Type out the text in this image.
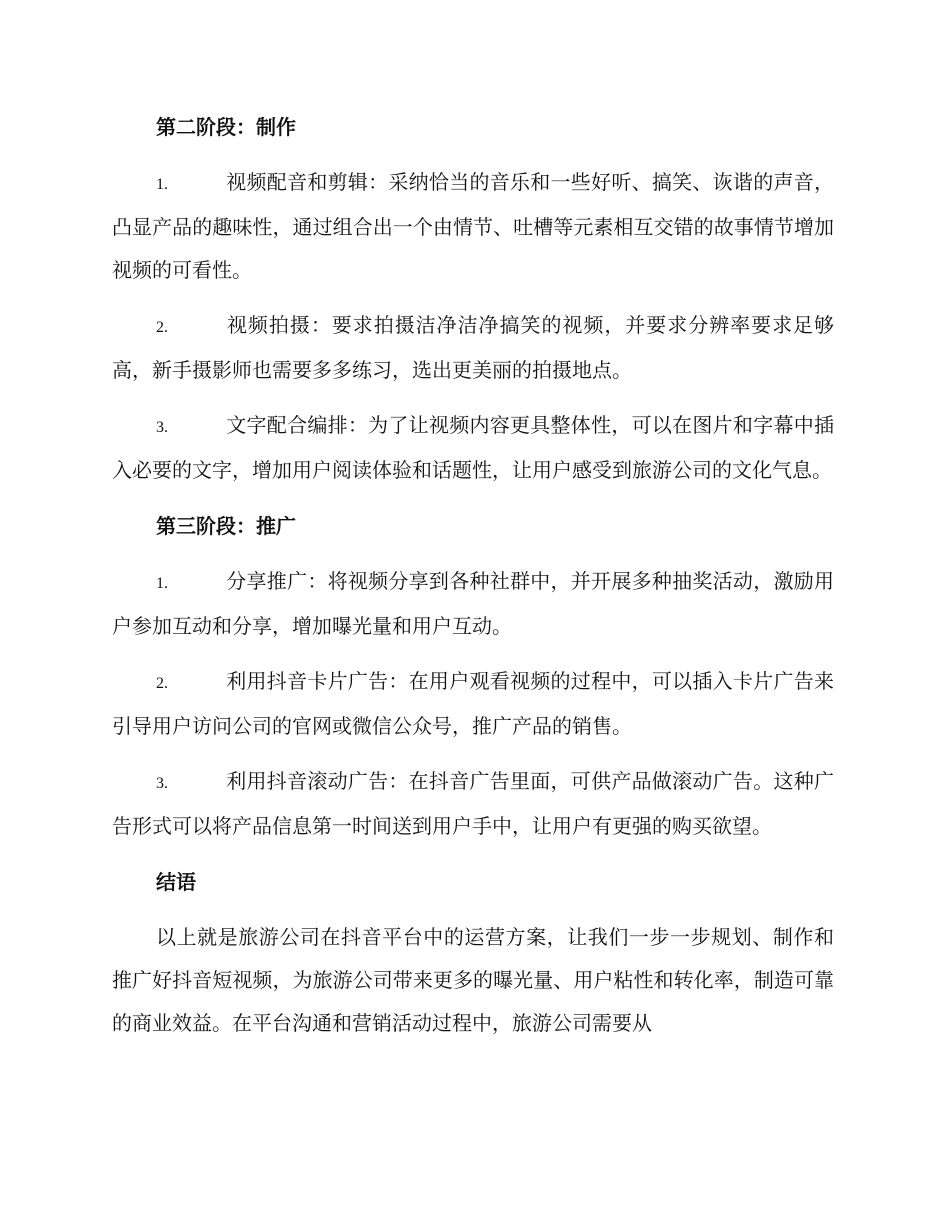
第二阶段：制作
1.	视频配音和剪辑：采纳恰当的音乐和一些好听、搞笑、诙谐的声音，凸显产品的趣味性，通过组合出一个由情节、吐槽等元素相互交错的故事情节增加视频的可看性。
2.	视频拍摄：要求拍摄洁净洁净搞笑的视频，并要求分辨率要求足够高，新手摄影师也需要多多练习，选出更美丽的拍摄地点。
3.	文字配合编排：为了让视频内容更具整体性，可以在图片和字幕中插入必要的文字，增加用户阅读体验和话题性，让用户感受到旅游公司的文化气息。
第三阶段：推广
1.	分享推广：将视频分享到各种社群中，并开展多种抽奖活动，激励用户参加互动和分享，增加曝光量和用户互动。
2.	利用抖音卡片广告：在用户观看视频的过程中，可以插入卡片广告来引导用户访问公司的官网或微信公众号，推广产品的销售。
3.	利用抖音滚动广告：在抖音广告里面，可供产品做滚动广告。这种广告形式可以将产品信息第一时间送到用户手中，让用户有更强的购买欲望。
结语

以上就是旅游公司在抖音平台中的运营方案，让我们一步一步规划、制作和推广好抖音短视频，为旅游公司带来更多的曝光量、用户粘性和转化率，制造可靠的商业效益。在平台沟通和营销活动过程中，旅游公司需要从
